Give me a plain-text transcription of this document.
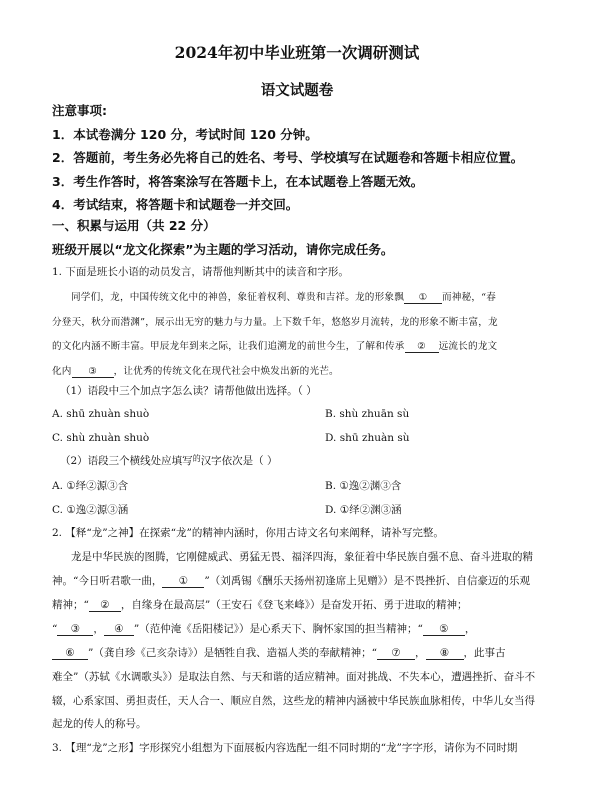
2024年初中毕业班第一次调研测试
语文试题卷
注意事项:
1．本试卷满分 120 分，考试时间 120 分钟。
2．答题前，考生务必先将自己的姓名、考号、学校填写在试题卷和答题卡相应位置。
3．考生作答时，将答案涂写在答题卡上，在本试题卷上答题无效。
4．考试结束，将答题卡和试题卷一并交回。
一、积累与运用（共 22 分）
班级开展以“龙文化探索”为主题的学习活动，请你完成任务。
1. 下面是班长小语的动员发言，请帮他判断其中的读音和字形。
同学们，龙，中国传统文化中的神兽，象征着权利、尊贵和吉祥。龙的形象飘 ① 而神秘，“春
分登天，秋分而潜渊”，展示出无穷的魅力与力量。上下数千年，悠悠岁月流转，龙的形象不断丰富，龙
的文化内涵不断丰富。甲辰龙年到来之际，让我们追溯龙的前世今生，了解和传承 ② 远流长的龙文
化内 ③ ，让优秀的传统文化在现代社会中焕发出新的光芒。
（1）语段中三个加点字怎么读？请帮他做出选择。（ ）
A. shū zhuàn shuò	B. shù zhuān sù
C. shù zhuàn shuò	D. shū zhuàn sù
（2）语段三个横线处应填写$^的$汉字依次是（ ）
A. ①绎②源③含	B. ①逸②渊③含
C. ①逸②源③涵	D. ①绎②渊③涵
2. 【释“龙”之神】在探索“龙”的精神内涵时，你用古诗文名句来阐释，请补写完整。
龙是中华民族的图腾，它刚健威武、勇猛无畏、福泽四海，象征着中华民族自强不息、奋斗进取的精
神。“今日听君歌一曲， ① ”（刘禹锡《酬乐天扬州初逢席上见赠》）是不畏挫折、自信豪迈的乐观
精神；“ ② ，自缘身在最高层”（王安石《登飞来峰》）是奋发开拓、勇于进取的精神；
“ ③ ， ④ ”（范仲淹《岳阳楼记》）是心系天下、胸怀家国的担当精神；“ ⑤ ，
⑥ ”（龚自珍《己亥杂诗》）是牺牲自我、造福人类的奉献精神；“ ⑦ ， ⑧ ，此事古
难全”（苏轼《水调歌头》）是取法自然、与天和谐的适应精神。面对挑战、不失本心，遭遇挫折、奋斗不
辍，心系家国、勇担责任，天人合一、顺应自然，这些龙的精神内涵被中华民族血脉相传，中华儿女当得
起龙的传人的称号。
3. 【理“龙”之形】字形探究小组想为下面展板内容选配一组不同时期的“龙”字字形，请你为不同时期
